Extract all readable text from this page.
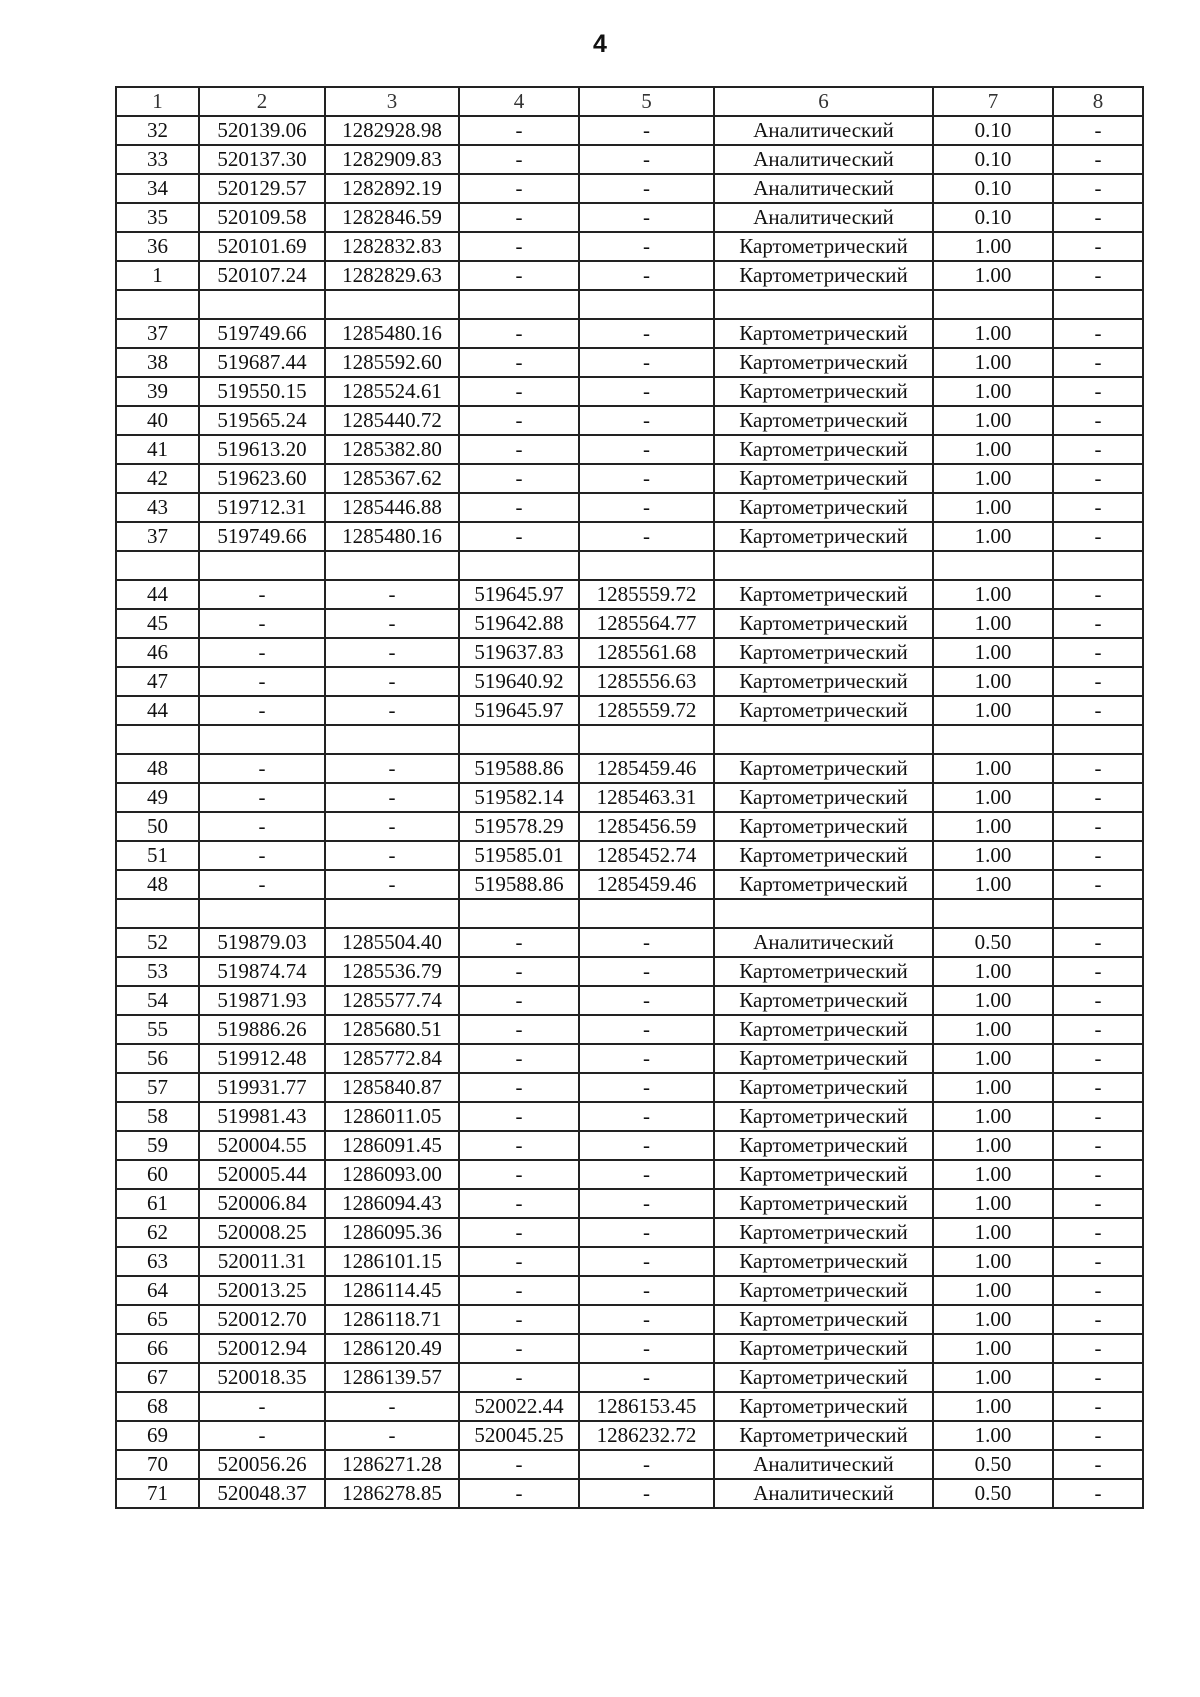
4
1	2	3	4	5	6	7	8
32	520139.06	1282928.98	-	-	Аналитический	0.10	-
33	520137.30	1282909.83	-	-	Аналитический	0.10	-
34	520129.57	1282892.19	-	-	Аналитический	0.10	-
35	520109.58	1282846.59	-	-	Аналитический	0.10	-
36	520101.69	1282832.83	-	-	Картометрический	1.00	-
1	520107.24	1282829.63	-	-	Картометрический	1.00	-

37	519749.66	1285480.16	-	-	Картометрический	1.00	-
38	519687.44	1285592.60	-	-	Картометрический	1.00	-
39	519550.15	1285524.61	-	-	Картометрический	1.00	-
40	519565.24	1285440.72	-	-	Картометрический	1.00	-
41	519613.20	1285382.80	-	-	Картометрический	1.00	-
42	519623.60	1285367.62	-	-	Картометрический	1.00	-
43	519712.31	1285446.88	-	-	Картометрический	1.00	-
37	519749.66	1285480.16	-	-	Картометрический	1.00	-

44	-	-	519645.97	1285559.72	Картометрический	1.00	-
45	-	-	519642.88	1285564.77	Картометрический	1.00	-
46	-	-	519637.83	1285561.68	Картометрический	1.00	-
47	-	-	519640.92	1285556.63	Картометрический	1.00	-
44	-	-	519645.97	1285559.72	Картометрический	1.00	-

48	-	-	519588.86	1285459.46	Картометрический	1.00	-
49	-	-	519582.14	1285463.31	Картометрический	1.00	-
50	-	-	519578.29	1285456.59	Картометрический	1.00	-
51	-	-	519585.01	1285452.74	Картометрический	1.00	-
48	-	-	519588.86	1285459.46	Картометрический	1.00	-

52	519879.03	1285504.40	-	-	Аналитический	0.50	-
53	519874.74	1285536.79	-	-	Картометрический	1.00	-
54	519871.93	1285577.74	-	-	Картометрический	1.00	-
55	519886.26	1285680.51	-	-	Картометрический	1.00	-
56	519912.48	1285772.84	-	-	Картометрический	1.00	-
57	519931.77	1285840.87	-	-	Картометрический	1.00	-
58	519981.43	1286011.05	-	-	Картометрический	1.00	-
59	520004.55	1286091.45	-	-	Картометрический	1.00	-
60	520005.44	1286093.00	-	-	Картометрический	1.00	-
61	520006.84	1286094.43	-	-	Картометрический	1.00	-
62	520008.25	1286095.36	-	-	Картометрический	1.00	-
63	520011.31	1286101.15	-	-	Картометрический	1.00	-
64	520013.25	1286114.45	-	-	Картометрический	1.00	-
65	520012.70	1286118.71	-	-	Картометрический	1.00	-
66	520012.94	1286120.49	-	-	Картометрический	1.00	-
67	520018.35	1286139.57	-	-	Картометрический	1.00	-
68	-	-	520022.44	1286153.45	Картометрический	1.00	-
69	-	-	520045.25	1286232.72	Картометрический	1.00	-
70	520056.26	1286271.28	-	-	Аналитический	0.50	-
71	520048.37	1286278.85	-	-	Аналитический	0.50	-
